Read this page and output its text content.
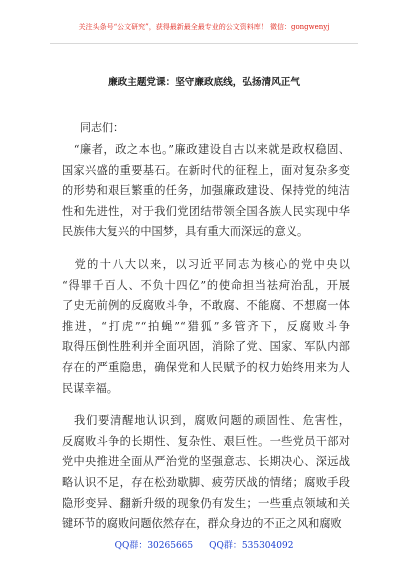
关注头条号“公文研究”，获得最新最全最专业的公文资料库！ 微信：gongwenyj
廉政主题党课：坚守廉政底线，弘扬清风正气
同志们：
　“廉者，政之本也。”廉政建设自古以来就是政权稳固、
国家兴盛的重要基石。在新时代的征程上，面对复杂多变
的形势和艰巨繁重的任务，加强廉政建设、保持党的纯洁
性和先进性，对于我们党团结带领全国各族人民实现中华
民族伟大复兴的中国梦，具有重大而深远的意义。
　党的十八大以来，以习近平同志为核心的党中央以
“得罪千百人、不负十四亿”的使命担当祛疴治乱，开展
了史无前例的反腐败斗争，不敢腐、不能腐、不想腐一体
推进，“打虎”“拍蝇”“猎狐”多管齐下，反腐败斗争
取得压倒性胜利并全面巩固，消除了党、国家、军队内部
存在的严重隐患，确保党和人民赋予的权力始终用来为人
民谋幸福。
　我们要清醒地认识到，腐败问题的顽固性、危害性，
反腐败斗争的长期性、复杂性、艰巨性。一些党员干部对
党中央推进全面从严治党的坚强意志、长期决心、深远战
略认识不足，存在松劲歇脚、疲劳厌战的情绪；腐败手段
隐形变异、翻新升级的现象仍有发生；一些重点领域和关
键环节的腐败问题依然存在，群众身边的不正之风和腐败
QQ群：30265665 QQ群：535304092
